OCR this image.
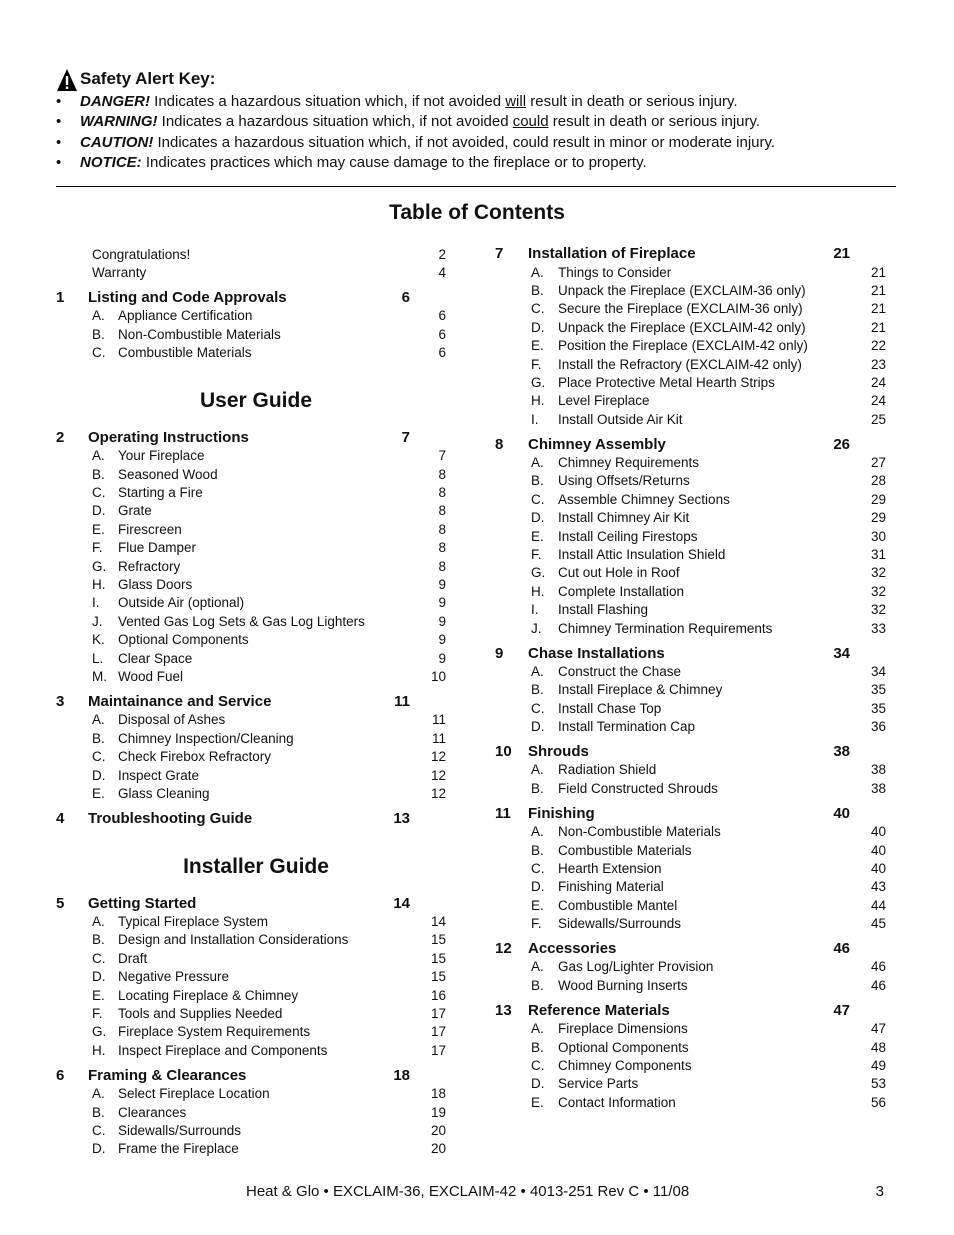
Safety Alert Key:
• DANGER! Indicates a hazardous situation which, if not avoided will result in death or serious injury.
• WARNING! Indicates a hazardous situation which, if not avoided could result in death or serious injury.
• CAUTION! Indicates a hazardous situation which, if not avoided, could result in minor or moderate injury.
• NOTICE: Indicates practices which may cause damage to the fireplace or to property.
Table of Contents
User Guide
Installer Guide
Congratulations!	2
Warranty	4
1 Listing and Code Approvals	6
A. Appliance Certification	6
B. Non-Combustible Materials	6
C. Combustible Materials	6
2 Operating Instructions	7
A. Your Fireplace	7
B. Seasoned Wood	8
C. Starting a Fire	8
D. Grate	8
E. Firescreen	8
F. Flue Damper	8
G. Refractory	8
H. Glass Doors	9
I. Outside Air (optional)	9
J. Vented Gas Log Sets & Gas Log Lighters	9
K. Optional Components	9
L. Clear Space	9
M. Wood Fuel	10
3 Maintainance and Service	11
A. Disposal of Ashes	11
B. Chimney Inspection/Cleaning	11
C. Check Firebox Refractory	12
D. Inspect Grate	12
E. Glass Cleaning	12
4 Troubleshooting Guide	13
5 Getting Started	14
A. Typical Fireplace System	14
B. Design and Installation Considerations	15
C. Draft	15
D. Negative Pressure	15
E. Locating Fireplace & Chimney	16
F. Tools and Supplies Needed	17
G. Fireplace System Requirements	17
H. Inspect Fireplace and Components	17
6 Framing & Clearances	18
A. Select Fireplace Location	18
B. Clearances	19
C. Sidewalls/Surrounds	20
D. Frame the Fireplace	20
7 Installation of Fireplace	21
A. Things to Consider	21
B. Unpack the Fireplace (EXCLAIM-36 only)	21
C. Secure the Fireplace (EXCLAIM-36 only)	21
D. Unpack the Fireplace (EXCLAIM-42 only)	21
E. Position the Fireplace (EXCLAIM-42 only)	22
F. Install the Refractory (EXCLAIM-42 only)	23
G. Place Protective Metal Hearth Strips	24
H. Level Fireplace	24
I. Install Outside Air Kit	25
8 Chimney Assembly	26
A. Chimney Requirements	27
B. Using Offsets/Returns	28
C. Assemble Chimney Sections	29
D. Install Chimney Air Kit	29
E. Install Ceiling Firestops	30
F. Install Attic Insulation Shield	31
G. Cut out Hole in Roof	32
H. Complete Installation	32
I. Install Flashing	32
J. Chimney Termination Requirements	33
9 Chase Installations	34
A. Construct the Chase	34
B. Install Fireplace & Chimney	35
C. Install Chase Top	35
D. Install Termination Cap	36
10 Shrouds	38
A. Radiation Shield	38
B. Field Constructed Shrouds	38
11 Finishing	40
A. Non-Combustible Materials	40
B. Combustible Materials	40
C. Hearth Extension	40
D. Finishing Material	43
E. Combustible Mantel	44
F. Sidewalls/Surrounds	45
12 Accessories	46
A. Gas Log/Lighter Provision	46
B. Wood Burning Inserts	46
13 Reference Materials	47
A. Fireplace Dimensions	47
B. Optional Components	48
C. Chimney Components	49
D. Service Parts	53
E. Contact Information	56
Heat & Glo • EXCLAIM-36, EXCLAIM-42 • 4013-251 Rev C • 11/08	3
